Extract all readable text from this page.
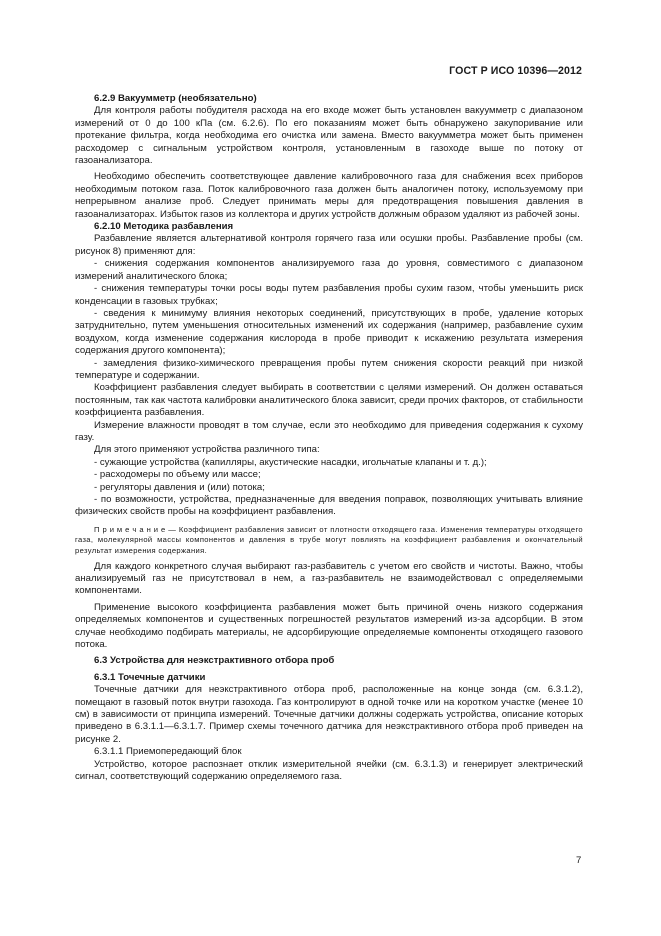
ГОСТ Р ИСО 10396—2012

6.2.9 Вакуумметр (необязательно)

Для контроля работы побудителя расхода на его входе может быть установлен вакуумметр с диапазоном измерений от 0 до 100 кПа (см. 6.2.6). По его показаниям может быть обнаружено закупоривание или протекание фильтра, когда необходима его очистка или замена. Вместо вакуумметра может быть применен расходомер с сигнальным устройством контроля, установленным в газоходе выше по потоку от газоанализатора.

Необходимо обеспечить соответствующее давление калибровочного газа для снабжения всех приборов необходимым потоком газа. Поток калибровочного газа должен быть аналогичен потоку, используемому при непрерывном анализе проб. Следует принимать меры для предотвращения повышения давления в газоанализаторах. Избыток газов из коллектора и других устройств должным образом удаляют из рабочей зоны.

6.2.10 Методика разбавления

Разбавление является альтернативой контроля горячего газа или осушки пробы. Разбавление пробы (см. рисунок 8) применяют для:

- снижения содержания компонентов анализируемого газа до уровня, совместимого с диапазоном измерений аналитического блока;

- снижения температуры точки росы воды путем разбавления пробы сухим газом, чтобы уменьшить риск конденсации в газовых трубках;

- сведения к минимуму влияния некоторых соединений, присутствующих в пробе, удаление которых затруднительно, путем уменьшения относительных изменений их содержания (например, разбавление сухим воздухом, когда изменение содержания кислорода в пробе приводит к искажению результата измерения содержания другого компонента);

- замедления физико-химического превращения пробы путем снижения скорости реакций при низкой температуре и содержании.

Коэффициент разбавления следует выбирать в соответствии с целями измерений. Он должен оставаться постоянным, так как частота калибровки аналитического блока зависит, среди прочих факторов, от стабильности коэффициента разбавления.

Измерение влажности проводят в том случае, если это необходимо для приведения содержания к сухому газу.

Для этого применяют устройства различного типа:

- сужающие устройства (капилляры, акустические насадки, игольчатые клапаны и т. д.);

- расходомеры по объему или массе;

- регуляторы давления и (или) потока;

- по возможности, устройства, предназначенные для введения поправок, позволяющих учитывать влияние физических свойств пробы на коэффициент разбавления.

П р и м е ч а н и е — Коэффициент разбавления зависит от плотности отходящего газа. Изменения температуры отходящего газа, молекулярной массы компонентов и давления в трубе могут повлиять на коэффициент разбавления и окончательный результат измерения содержания.

Для каждого конкретного случая выбирают газ-разбавитель с учетом его свойств и чистоты. Важно, чтобы анализируемый газ не присутствовал в нем, а газ-разбавитель не взаимодействовал с определяемыми компонентами.

Применение высокого коэффициента разбавления может быть причиной очень низкого содержания определяемых компонентов и существенных погрешностей результатов измерений из-за адсорбции. В этом случае необходимо подбирать материалы, не адсорбирующие определяемые компоненты отходящего газового потока.

6.3 Устройства для неэкстрактивного отбора проб

6.3.1 Точечные датчики

Точечные датчики для неэкстрактивного отбора проб, расположенные на конце зонда (см. 6.3.1.2), помещают в газовый поток внутри газохода. Газ контролируют в одной точке или на коротком участке (менее 10 см) в зависимости от принципа измерений. Точечные датчики должны содержать устройства, описание которых приведено в 6.3.1.1—6.3.1.7. Пример схемы точечного датчика для неэкстрактивного отбора проб приведен на рисунке 2.

6.3.1.1 Приемопередающий блок

Устройство, которое распознает отклик измерительной ячейки (см. 6.3.1.3) и генерирует электрический сигнал, соответствующий содержанию определяемого газа.

7
